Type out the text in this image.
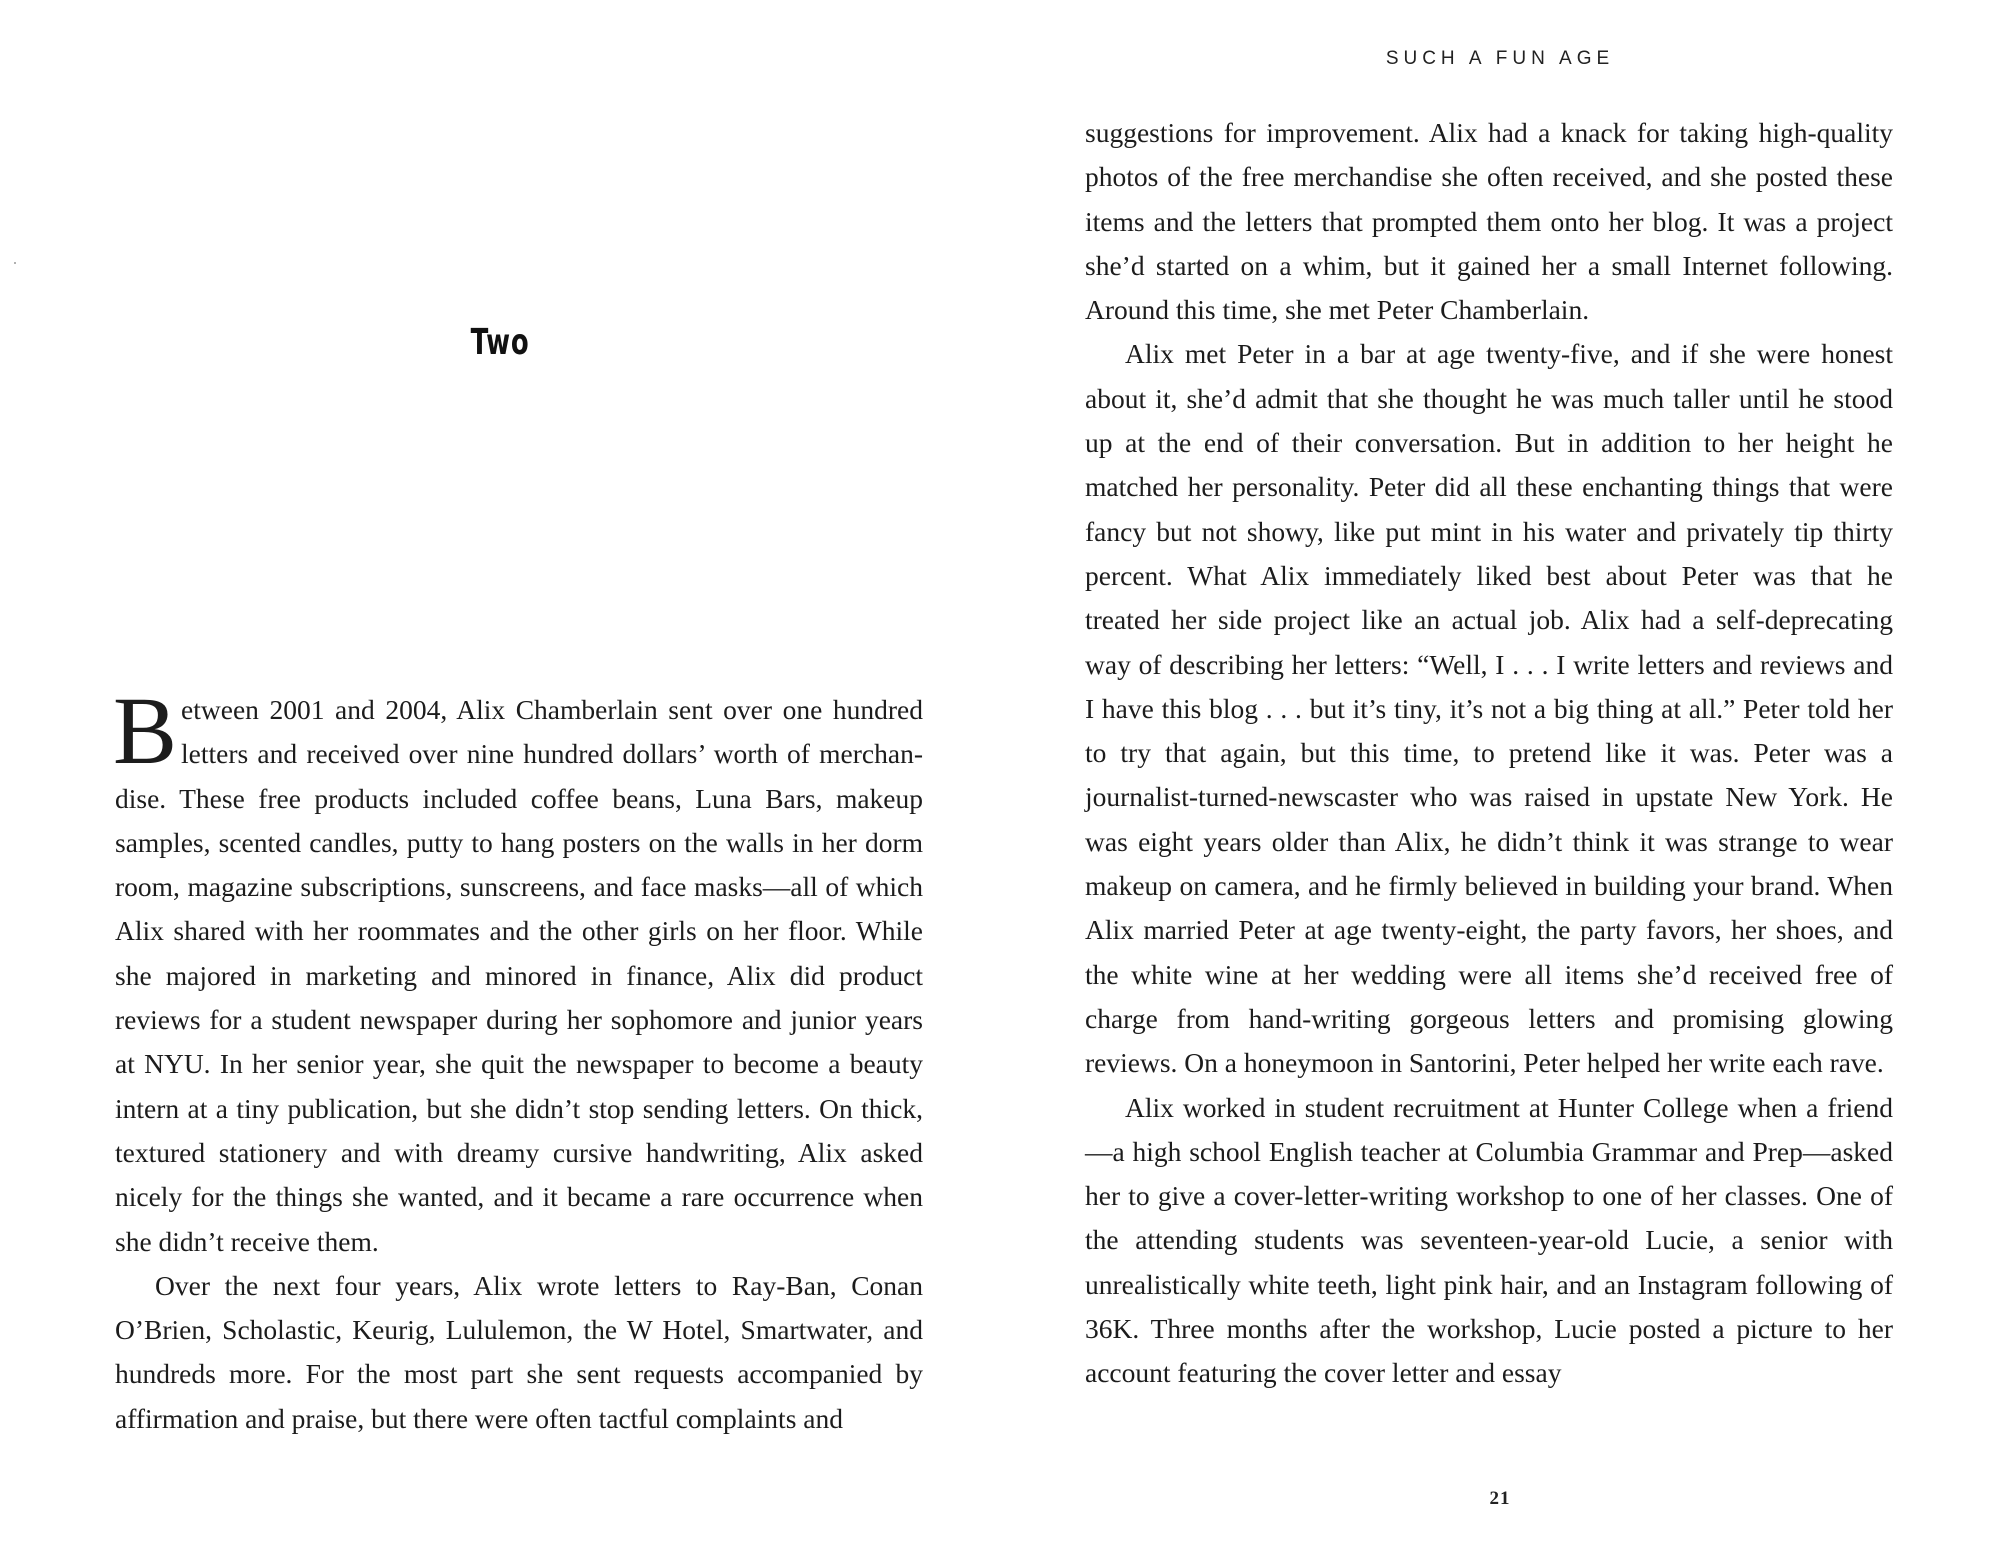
Two

Between 2001 and 2004, Alix Chamberlain sent over one hundred letters and received over nine hundred dollars’ worth of merchandise. These free products included coffee beans, Luna Bars, makeup samples, scented candles, putty to hang posters on the walls in her dorm room, magazine subscriptions, sunscreens, and face masks—all of which Alix shared with her roommates and the other girls on her floor. While she majored in marketing and minored in finance, Alix did product reviews for a student newspaper during her sophomore and junior years at NYU. In her senior year, she quit the newspaper to become a beauty intern at a tiny publication, but she didn’t stop sending letters. On thick, textured stationery and with dreamy cursive handwriting, Alix asked nicely for the things she wanted, and it became a rare occurrence when she didn’t receive them.

Over the next four years, Alix wrote letters to Ray-Ban, Conan O’Brien, Scholastic, Keurig, Lululemon, the W Hotel, Smartwater, and hundreds more. For the most part she sent requests accompanied by affirmation and praise, but there were often tactful complaints and

SUCH A FUN AGE

suggestions for improvement. Alix had a knack for taking high-quality photos of the free merchandise she often received, and she posted these items and the letters that prompted them onto her blog. It was a project she’d started on a whim, but it gained her a small Internet following. Around this time, she met Peter Chamberlain.

Alix met Peter in a bar at age twenty-five, and if she were honest about it, she’d admit that she thought he was much taller until he stood up at the end of their conversation. But in addition to her height he matched her personality. Peter did all these enchanting things that were fancy but not showy, like put mint in his water and privately tip thirty percent. What Alix immediately liked best about Peter was that he treated her side project like an actual job. Alix had a self-deprecating way of describing her letters: “Well, I . . . I write letters and reviews and I have this blog . . . but it’s tiny, it’s not a big thing at all.” Peter told her to try that again, but this time, to pretend like it was. Peter was a journalist-turned-newscaster who was raised in upstate New York. He was eight years older than Alix, he didn’t think it was strange to wear makeup on camera, and he firmly believed in building your brand. When Alix married Peter at age twenty-eight, the party favors, her shoes, and the white wine at her wedding were all items she’d received free of charge from hand-writing gorgeous letters and promising glowing reviews. On a honeymoon in Santorini, Peter helped her write each rave.

Alix worked in student recruitment at Hunter College when a friend—a high school English teacher at Columbia Grammar and Prep—asked her to give a cover-letter-writing workshop to one of her classes. One of the attending students was seventeen-year-old Lucie, a senior with unrealistically white teeth, light pink hair, and an Instagram following of 36K. Three months after the workshop, Lucie posted a picture to her account featuring the cover letter and essay

21
